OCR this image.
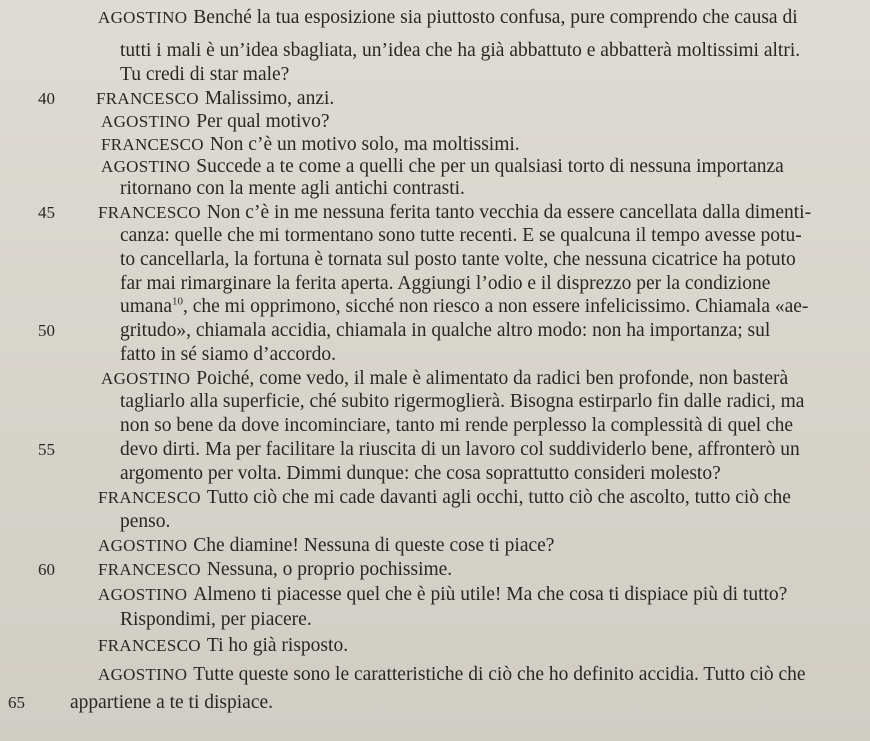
AGOSTINO Benché la tua esposizione sia piuttosto confusa, pure comprendo che causa di
tutti i mali è un’idea sbagliata, un’idea che ha già abbattuto e abbatterà moltissimi altri.
Tu credi di star male?
40 FRANCESCO Malissimo, anzi.
AGOSTINO Per qual motivo?
FRANCESCO Non c’è un motivo solo, ma moltissimi.
AGOSTINO Succede a te come a quelli che per un qualsiasi torto di nessuna importanza
ritornano con la mente agli antichi contrasti.
45	FRANCESCO Non c’è in me nessuna ferita tanto vecchia da essere cancellata dalla dimenti-
canza: quelle che mi tormentano sono tutte recenti. E se qualcuna il tempo avesse potu-
to cancellarla, la fortuna è tornata sul posto tante volte, che nessuna cicatrice ha potuto
far mai rimarginare la ferita aperta. Aggiungi l’odio e il disprezzo per la condizione
umana$^{10}$, che mi opprimono, sicché non riesco a non essere infelicissimo. Chiamala «ae-
50	gritudo», chiamala accidia, chiamala in qualche altro modo: non ha importanza; sul
fatto in sé siamo d’accordo.
AGOSTINO Poiché, come vedo, il male è alimentato da radici ben profonde, non basterà
tagliarlo alla superficie, ché subito rigermoglierà. Bisogna estirparlo fin dalle radici, ma
non so bene da dove incominciare, tanto mi rende perplesso la complessità di quel che
55	devo dirti. Ma per facilitare la riuscita di un lavoro col suddividerlo bene, affronterò un
argomento per volta. Dimmi dunque: che cosa soprattutto consideri molesto?
FRANCESCO Tutto ciò che mi cade davanti agli occhi, tutto ciò che ascolto, tutto ciò che
penso.
AGOSTINO Che diamine! Nessuna di queste cose ti piace?
60	FRANCESCO Nessuna, o proprio pochissime.
AGOSTINO Almeno ti piacesse quel che è più utile! Ma che cosa ti dispiace più di tutto?
Rispondimi, per piacere.
FRANCESCO Ti ho già risposto.
AGOSTINO Tutte queste sono le caratteristiche di ciò che ho definito accidia. Tutto ciò che
65 appartiene a te ti dispiace.
